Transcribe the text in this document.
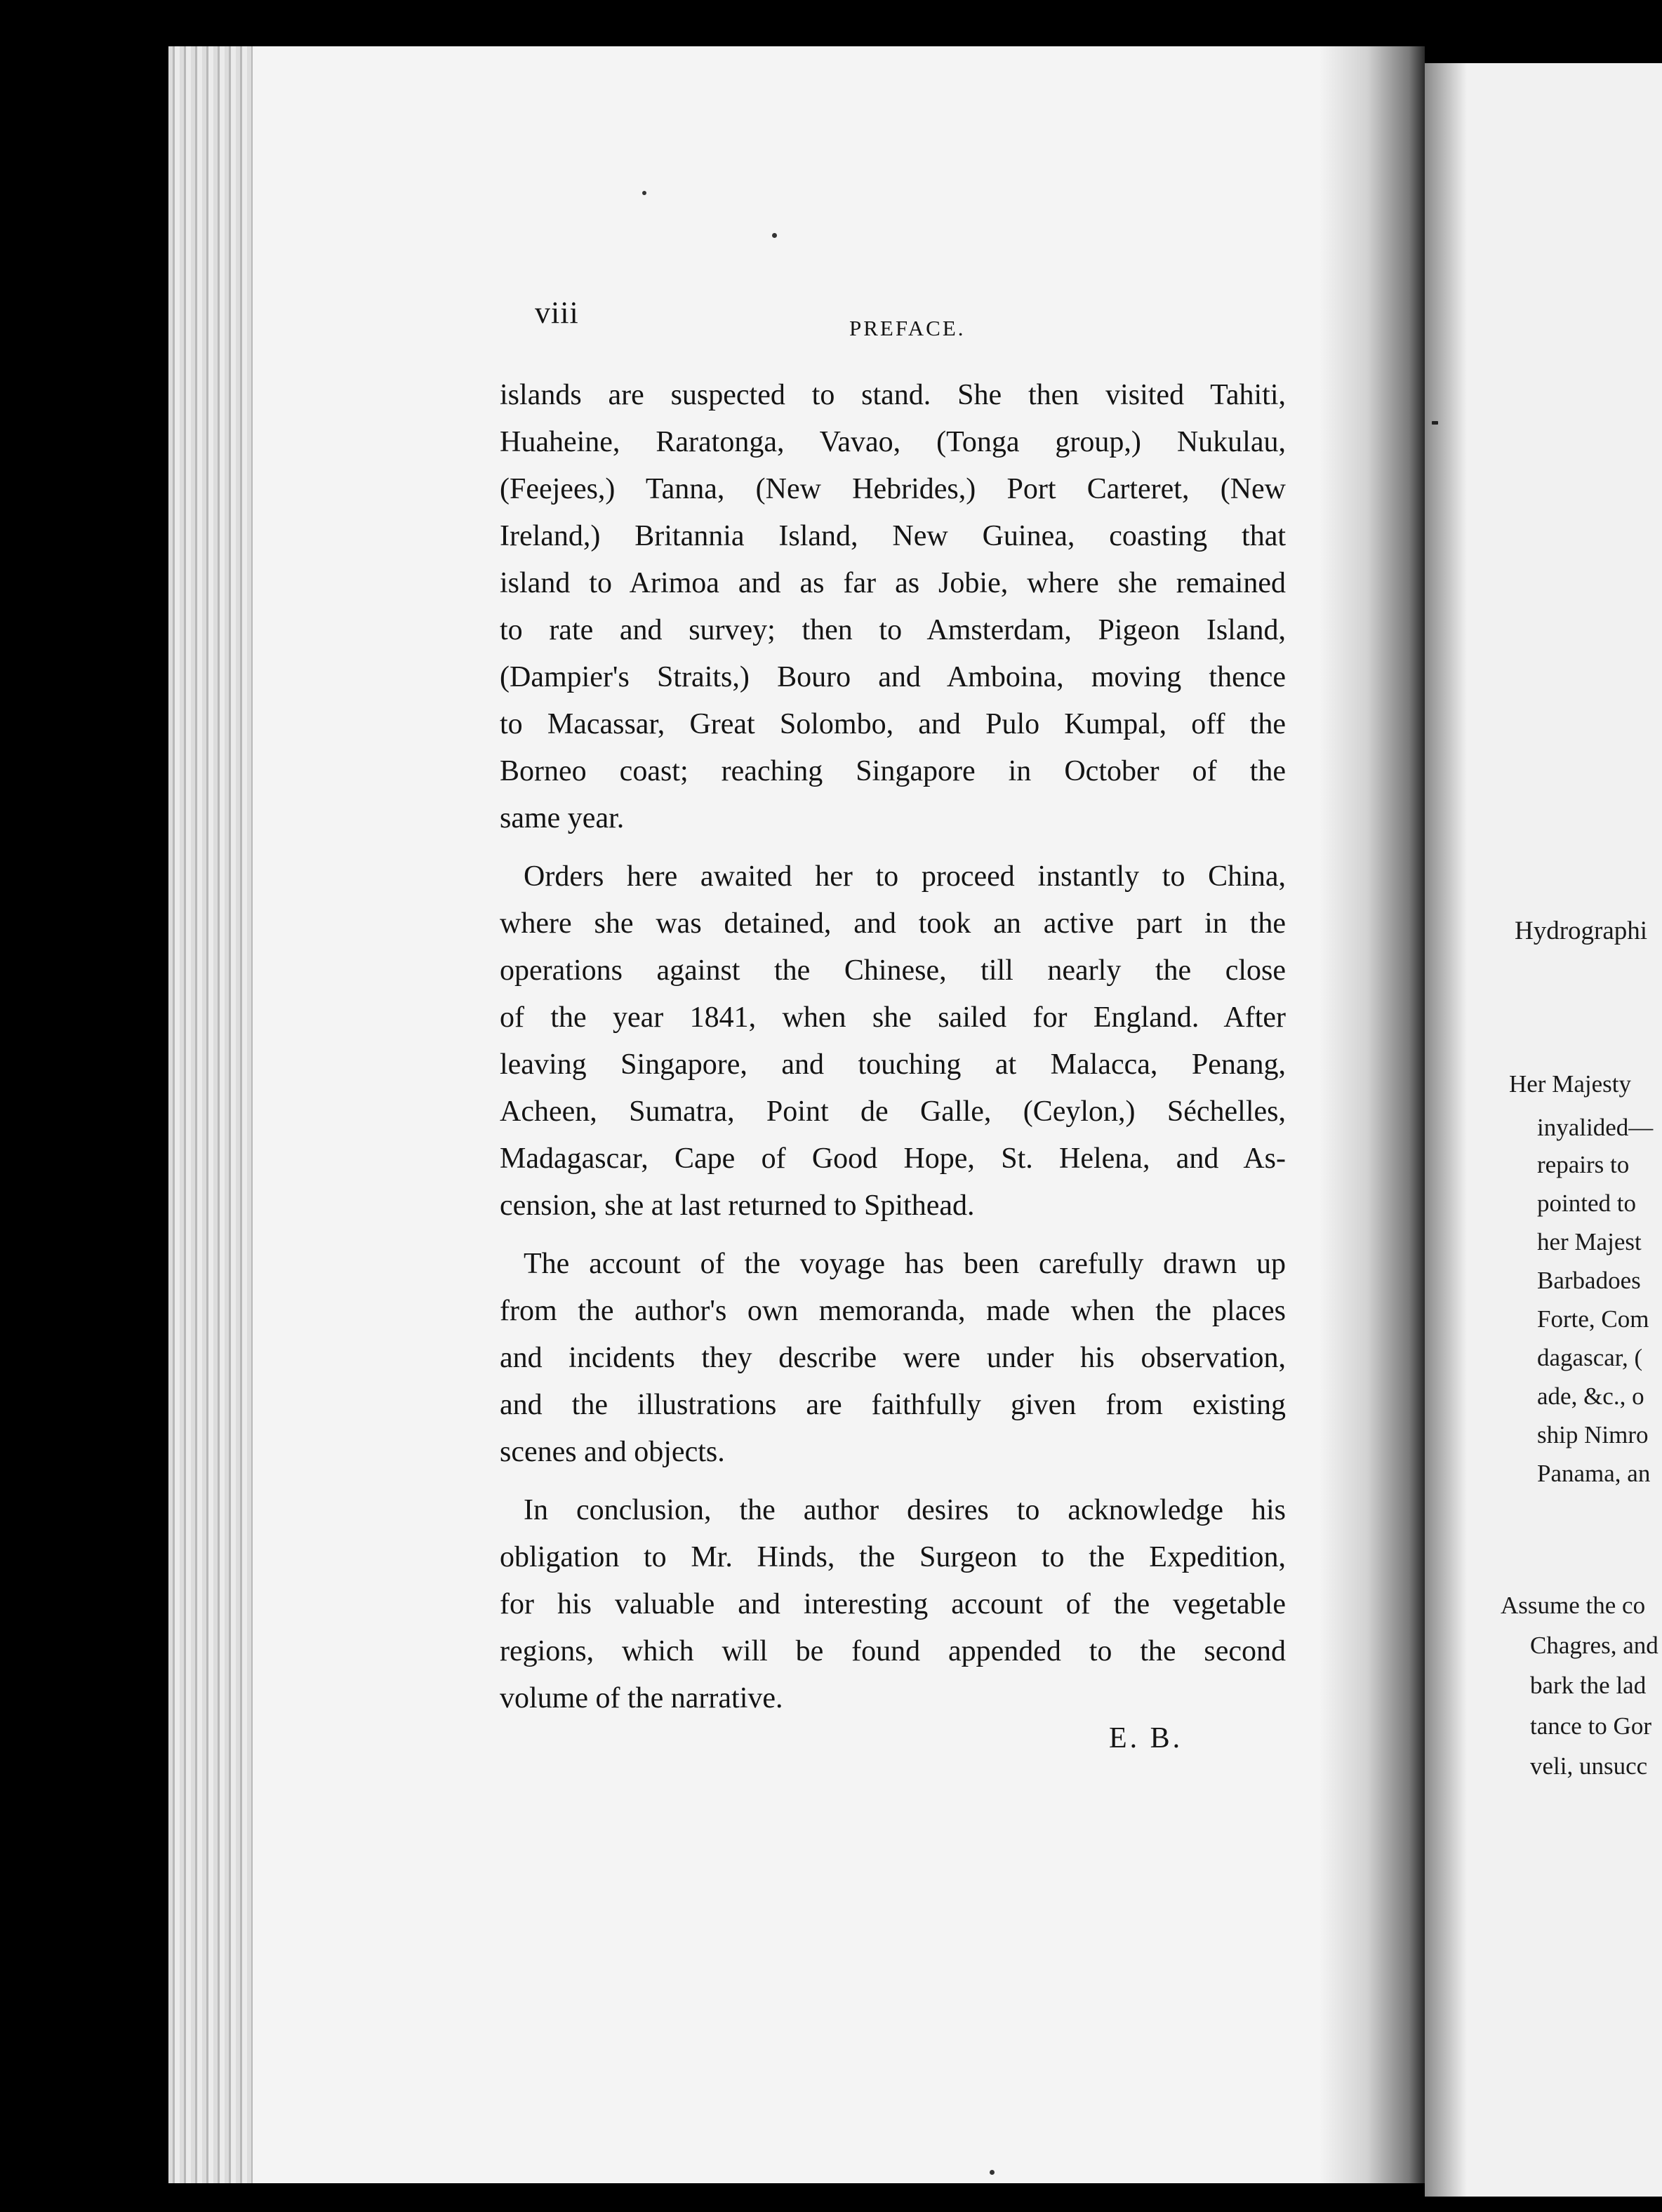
viii	PREFACE.

islands are suspected to stand. She then visited Tahiti,
Huaheine, Raratonga, Vavao, (Tonga group,) Nukulau,
(Feejees,) Tanna, (New Hebrides,) Port Carteret, (New
Ireland,) Britannia Island, New Guinea, coasting that
island to Arimoa and as far as Jobie, where she remained
to rate and survey; then to Amsterdam, Pigeon Island,
(Dampier's Straits,) Bouro and Amboina, moving thence
to Macassar, Great Solombo, and Pulo Kumpal, off the
Borneo coast; reaching Singapore in October of the
same year.

Orders here awaited her to proceed instantly to China,
where she was detained, and took an active part in the
operations against the Chinese, till nearly the close
of the year 1841, when she sailed for England. After
leaving Singapore, and touching at Malacca, Penang,
Acheen, Sumatra, Point de Galle, (Ceylon,) Séchelles,
Madagascar, Cape of Good Hope, St. Helena, and As-
cension, she at last returned to Spithead.

The account of the voyage has been carefully drawn up
from the author's own memoranda, made when the places
and incidents they describe were under his observation,
and the illustrations are faithfully given from existing
scenes and objects.

In conclusion, the author desires to acknowledge his
obligation to Mr. Hinds, the Surgeon to the Expedition,
for his valuable and interesting account of the vegetable
regions, which will be found appended to the second
volume of the narrative.

E. B.
Hydrographi
Her Majesty
inyalided—
repairs to
pointed to
her Majest
Barbadoes
Forte, Com
dagascar, (
ade, &c., o
ship Nimro
Panama, an
Assume the co
Chagres, and
bark the lad
tance to Gor
veli, unsucc
